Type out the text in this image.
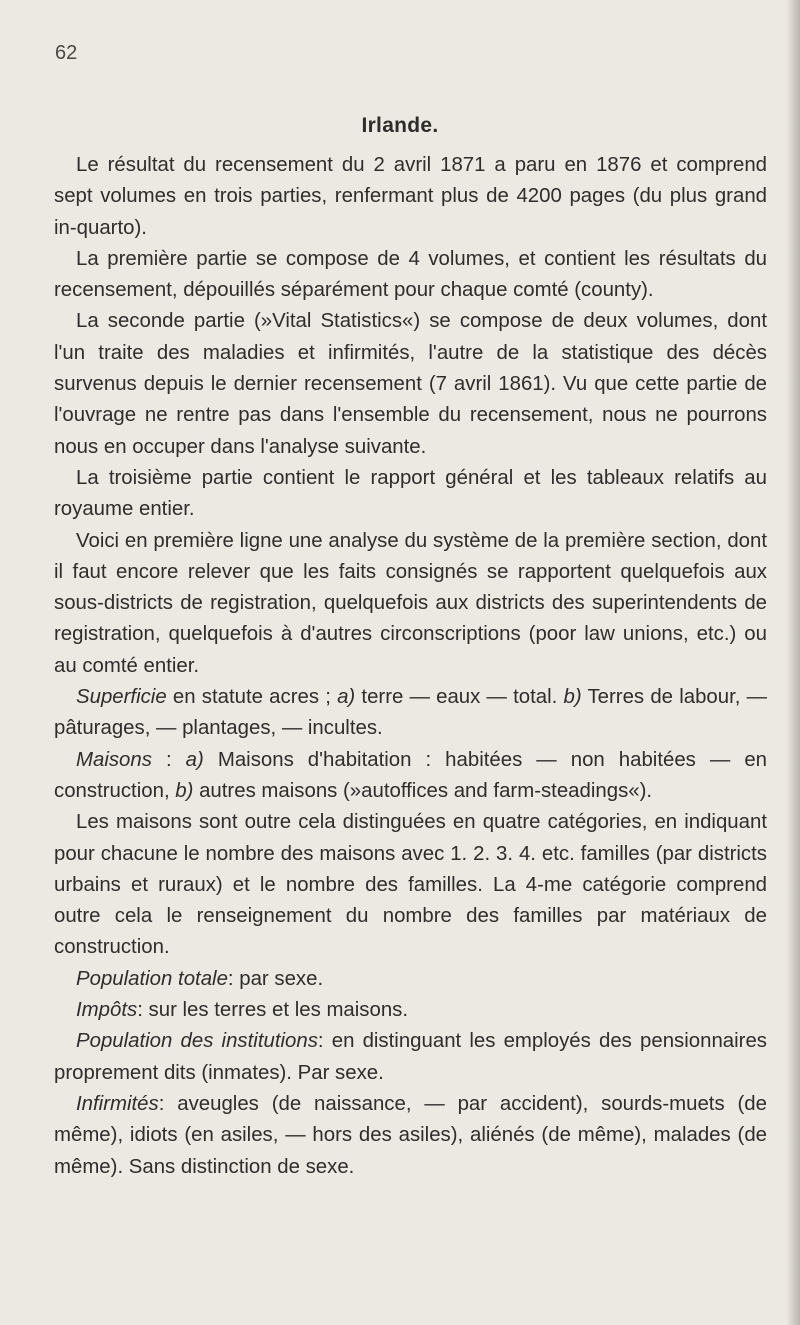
62
Irlande.

Le résultat du recensement du 2 avril 1871 a paru en 1876 et comprend sept volumes en trois parties, renfermant plus de 4200 pages (du plus grand in-quarto).

La première partie se compose de 4 volumes, et contient les résultats du recensement, dépouillés séparément pour chaque comté (county).

La seconde partie (»Vital Statistics«) se compose de deux volumes, dont l'un traite des maladies et infirmités, l'autre de la statistique des décès survenus depuis le dernier recensement (7 avril 1861). Vu que cette partie de l'ouvrage ne rentre pas dans l'ensemble du recensement, nous ne pourrons nous en occuper dans l'analyse suivante.

La troisième partie contient le rapport général et les tableaux relatifs au royaume entier.

Voici en première ligne une analyse du système de la première section, dont il faut encore relever que les faits consignés se rapportent quelquefois aux sous-districts de registration, quelquefois aux districts des superintendents de registration, quelquefois à d'autres circonscriptions (poor law unions, etc.) ou au comté entier.

Superficie en statute acres ; a) terre — eaux — total. b) Terres de labour, — pâturages, — plantages, — incultes.

Maisons : a) Maisons d'habitation : habitées — non habitées — en construction, b) autres maisons (»autoffices and farm-steadings«).

Les maisons sont outre cela distinguées en quatre catégories, en indiquant pour chacune le nombre des maisons avec 1. 2. 3. 4. etc. familles (par districts urbains et ruraux) et le nombre des familles. La 4-me catégorie comprend outre cela le renseignement du nombre des familles par matériaux de construction.

Population totale: par sexe.

Impôts: sur les terres et les maisons.

Population des institutions: en distinguant les employés des pensionnaires proprement dits (inmates). Par sexe.

Infirmités: aveugles (de naissance, — par accident), sourds-muets (de même), idiots (en asiles, — hors des asiles), aliénés (de même), malades (de même). Sans distinction de sexe.
